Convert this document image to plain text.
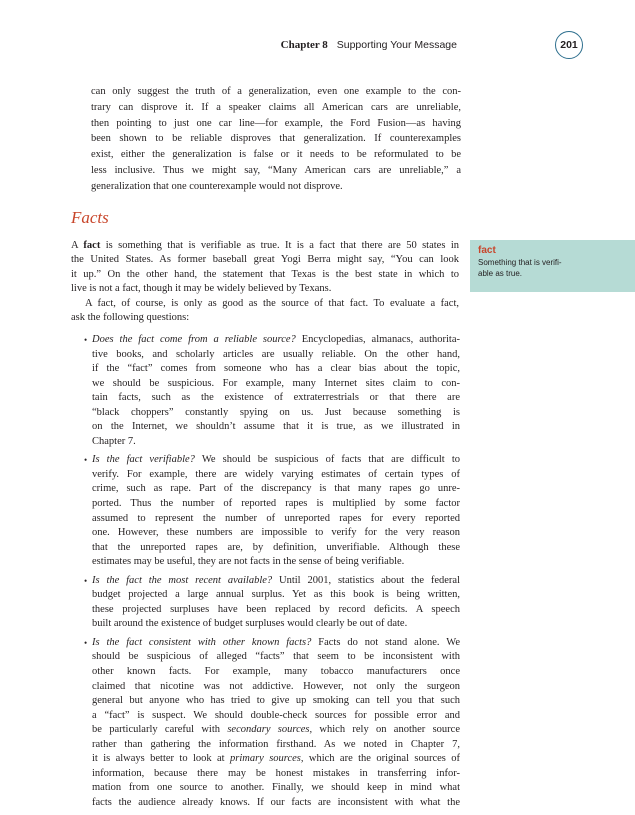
Chapter 8 Supporting Your Message	201
can only suggest the truth of a generalization, even one example to the con-
trary can disprove it. If a speaker claims all American cars are unreliable,
then pointing to just one car line—for example, the Ford Fusion—as having
been shown to be reliable disproves that generalization. If counterexamples
exist, either the generalization is false or it needs to be reformulated to be
less inclusive. Thus we might say, “Many American cars are unreliable,” a
generalization that one counterexample would not disprove.
Facts
A fact is something that is verifiable as true. It is a fact that there are 50 states in
the United States. As former baseball great Yogi Berra might say, “You can look
it up.” On the other hand, the statement that Texas is the best state in which to
live is not a fact, though it may be widely believed by Texans.
A fact, of course, is only as good as the source of that fact. To evaluate a fact,
ask the following questions:
fact
Something that is verifi-
able as true.
• Does the fact come from a reliable source? Encyclopedias, almanacs, authorita-
tive books, and scholarly articles are usually reliable. On the other hand,
if the “fact” comes from someone who has a clear bias about the topic,
we should be suspicious. For example, many Internet sites claim to con-
tain facts, such as the existence of extraterrestrials or that there are
“black choppers” constantly spying on us. Just because something is
on the Internet, we shouldn’t assume that it is true, as we illustrated in
Chapter 7.
• Is the fact verifiable? We should be suspicious of facts that are difficult to
verify. For example, there are widely varying estimates of certain types of
crime, such as rape. Part of the discrepancy is that many rapes go unre-
ported. Thus the number of reported rapes is multiplied by some factor
assumed to represent the number of unreported rapes for every reported
one. However, these numbers are impossible to verify for the very reason
that the unreported rapes are, by definition, unverifiable. Although these
estimates may be useful, they are not facts in the sense of being verifiable.
• Is the fact the most recent available? Until 2001, statistics about the federal
budget projected a large annual surplus. Yet as this book is being written,
these projected surpluses have been replaced by record deficits. A speech
built around the existence of budget surpluses would clearly be out of date.
• Is the fact consistent with other known facts? Facts do not stand alone. We
should be suspicious of alleged “facts” that seem to be inconsistent with
other known facts. For example, many tobacco manufacturers once
claimed that nicotine was not addictive. However, not only the surgeon
general but anyone who has tried to give up smoking can tell you that such
a “fact” is suspect. We should double-check sources for possible error and
be particularly careful with secondary sources, which rely on another source
rather than gathering the information firsthand. As we noted in Chapter 7,
it is always better to look at primary sources, which are the original sources of
information, because there may be honest mistakes in transferring infor-
mation from one source to another. Finally, we should keep in mind what
facts the audience already knows. If our facts are inconsistent with what the
